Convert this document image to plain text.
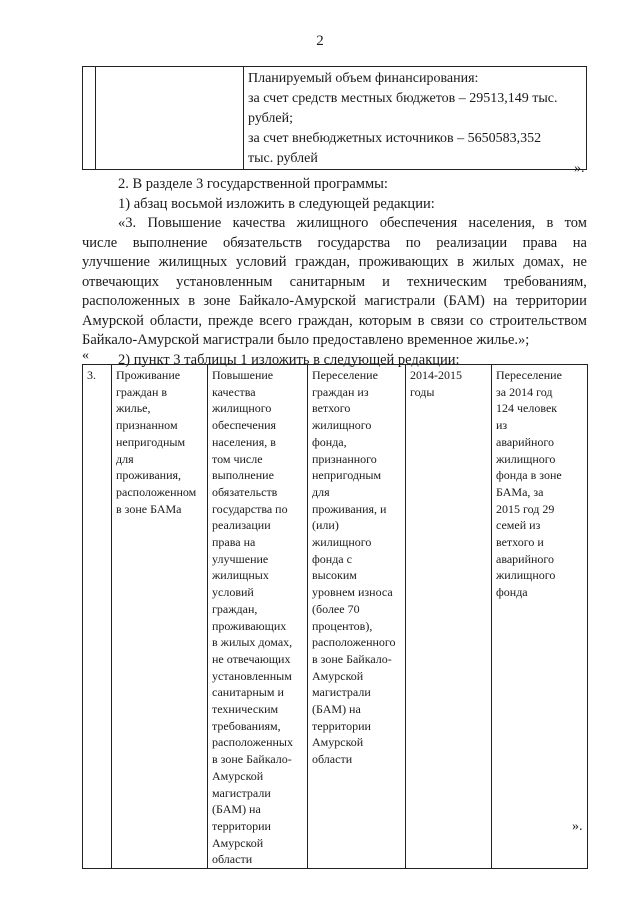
2

Планируемый объем финансирования:
за счет средств местных бюджетов – 29513,149 тыс.
рублей;
за счет внебюджетных источников – 5650583,352
тыс. рублей
».
2. В разделе 3 государственной программы:
1) абзац восьмой изложить в следующей редакции:
«3. Повышение качества жилищного обеспечения населения, в том
числе выполнение обязательств государства по реализации права на
улучшение жилищных условий граждан, проживающих в жилых домах, не
отвечающих установленным санитарным и техническим требованиям,
расположенных в зоне Байкало-Амурской магистрали (БАМ) на территории
Амурской области, прежде всего граждан, которым в связи со строительством
Байкало-Амурской магистрали было предоставлено временное жилье.»;
2) пункт 3 таблицы 1 изложить в следующей редакции:
«
3.	Проживание
граждан в
жилье,
признанном
непригодным
для
проживания,
расположенном
в зоне БАМа

Повышение
качества
жилищного
обеспечения
населения, в
том числе
выполнение
обязательств
государства по
реализации
права на
улучшение
жилищных
условий
граждан,
проживающих
в жилых домах,
не отвечающих
установленным
санитарным и
техническим
требованиям,
расположенных
в зоне Байкало-
Амурской
магистрали
(БАМ) на
территории
Амурской
области

Переселение
граждан из
ветхого
жилищного
фонда,
признанного
непригодным
для
проживания, и
(или)
жилищного
фонда с
высоким
уровнем износа
(более 70
процентов),
расположенного
в зоне Байкало-
Амурской
магистрали
(БАМ) на
территории
Амурской
области

2014-2015
годы

Переселение
за 2014 год
124 человек
из
аварийного
жилищного
фонда в зоне
БАМа, за
2015 год 29
семей из
ветхого и
аварийного
жилищного
фонда
».
